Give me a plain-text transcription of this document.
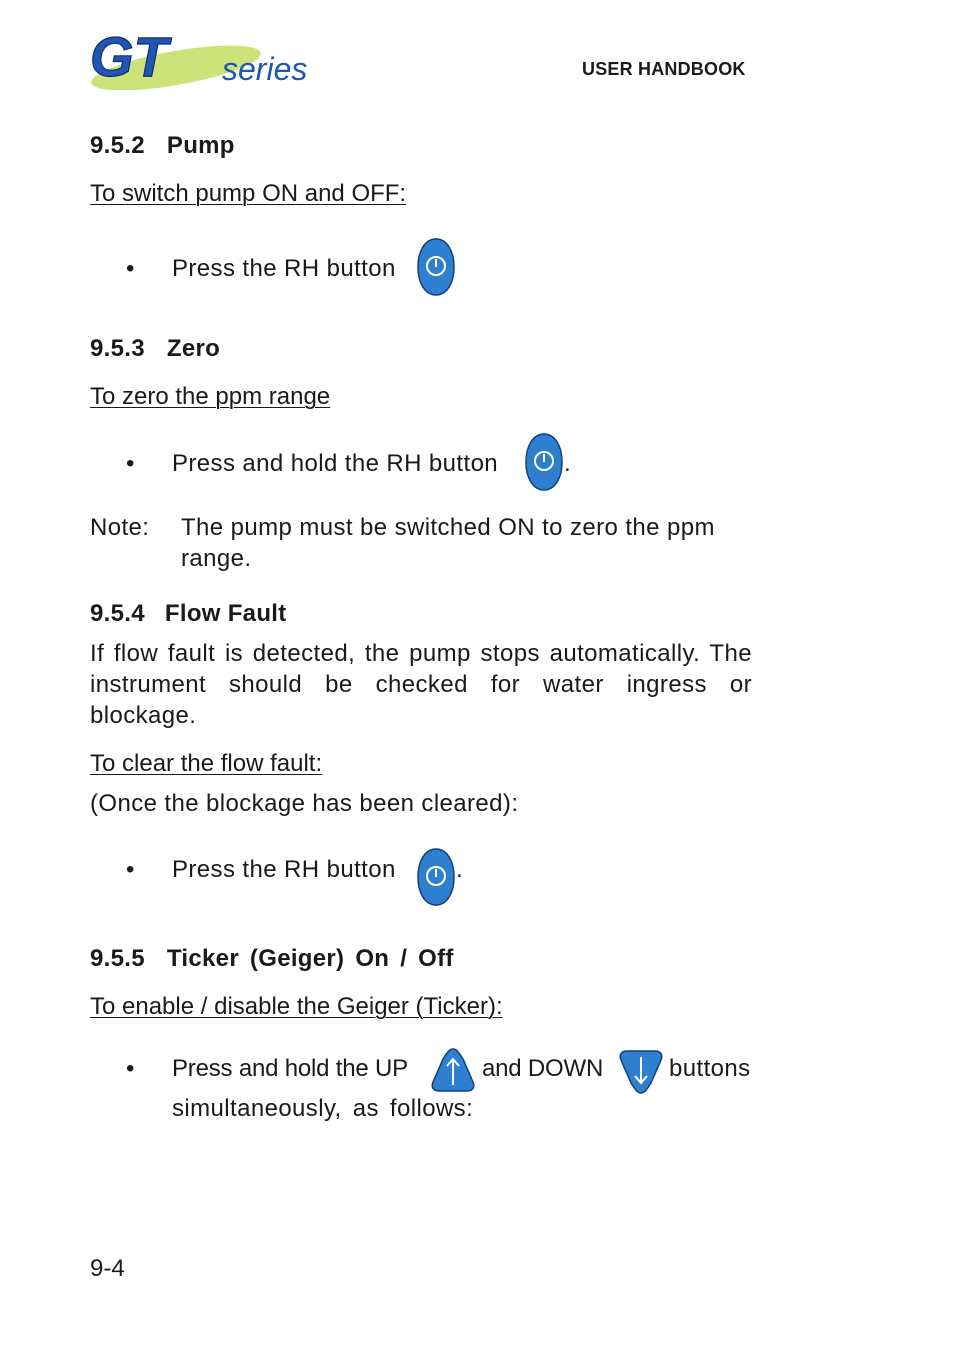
GT series	USER HANDBOOK
9.5.2 Pump
To switch pump ON and OFF:
• Press the RH button
9.5.3 Zero
To zero the ppm range
• Press and hold the RH button	.
Note: The pump must be switched ON to zero the ppm
range.
9.5.4 Flow Fault
If flow fault is detected, the pump stops automatically. The instrument should be checked for water ingress or blockage.
To clear the flow fault:
(Once the blockage has been cleared):
• Press the RH button	.
9.5.5 Ticker (Geiger) On / Off
To enable / disable the Geiger (Ticker):
• Press and hold the UP	and DOWN	buttons
simultaneously, as follows:
9-4
